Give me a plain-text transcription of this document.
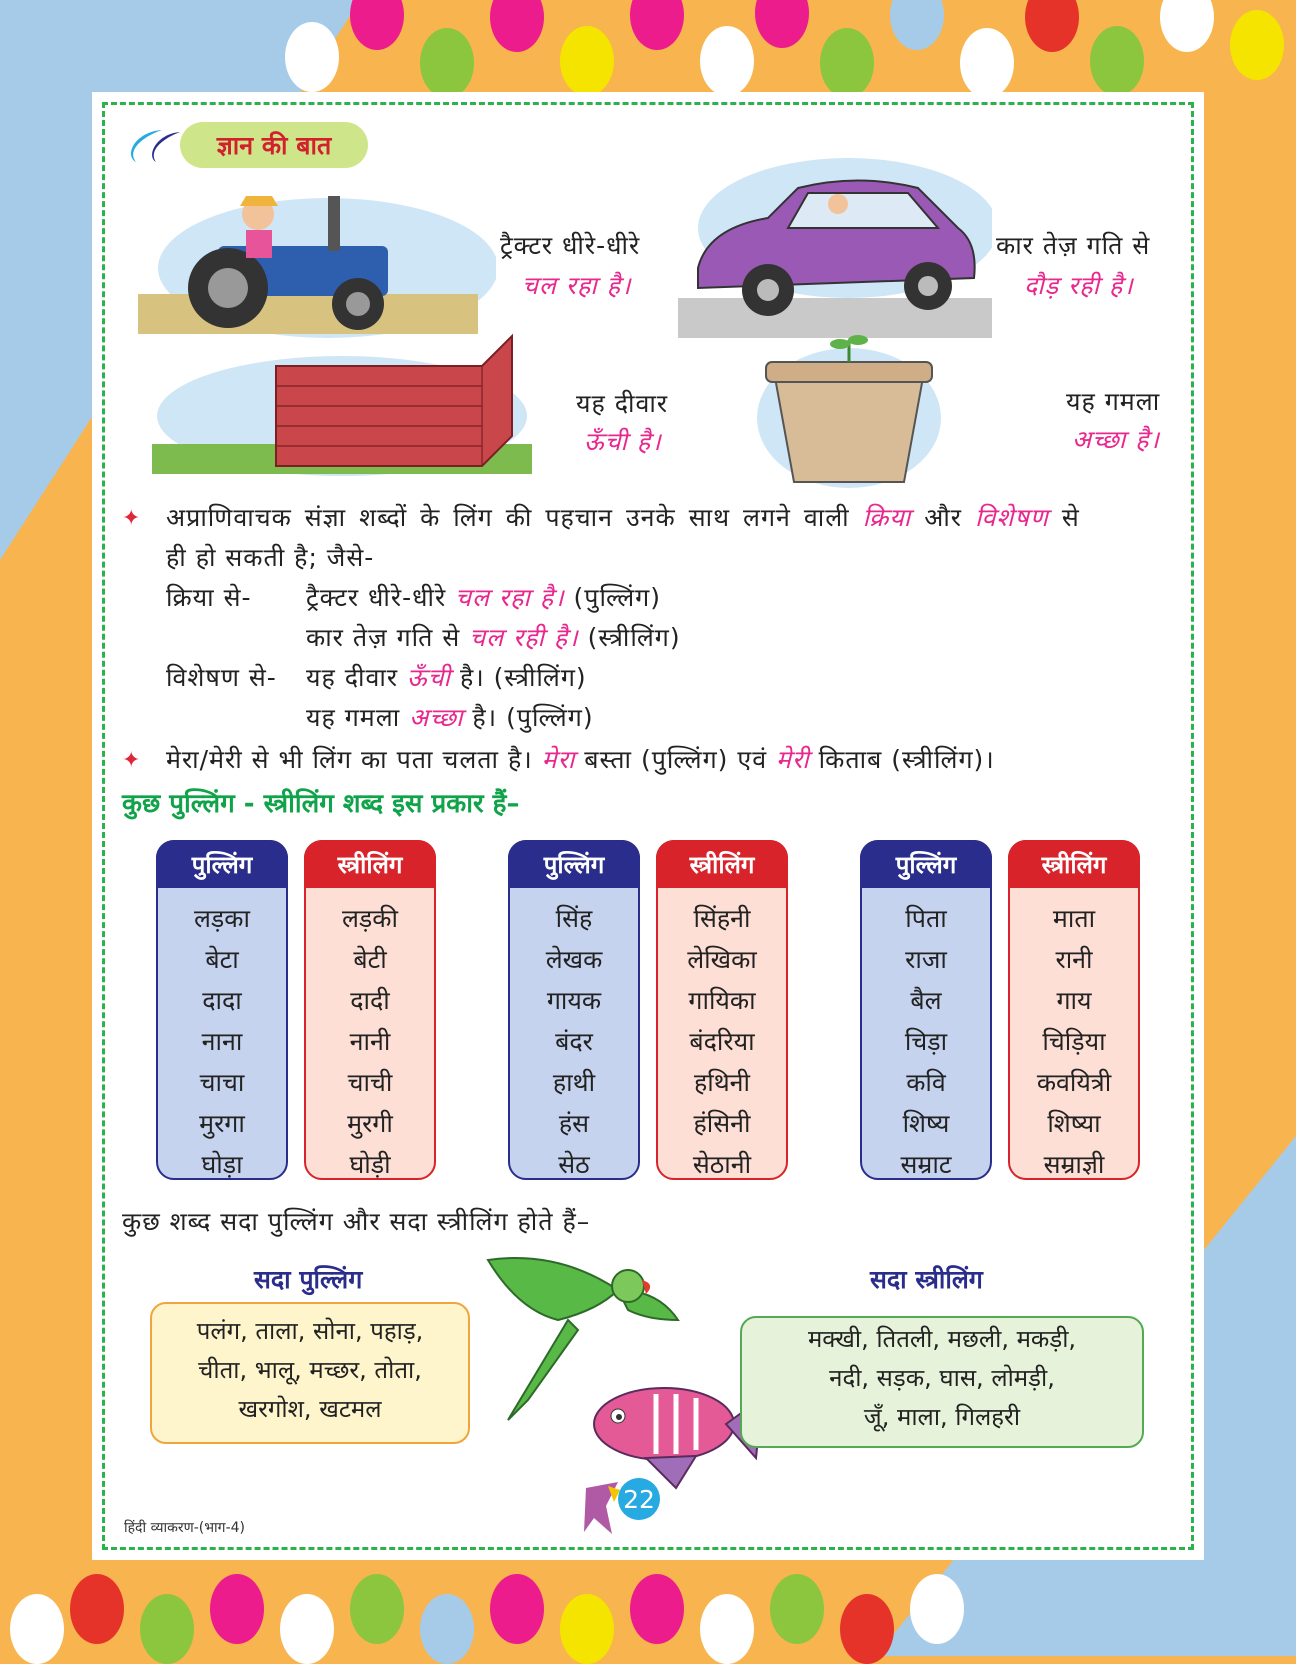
ज्ञान की बात
ट्रैक्टर धीरे-धीरे
चल रहा है।
कार तेज़ गति से
दौड़ रही है।
यह दीवार
ऊँची है।
यह गमला
अच्छा है।
✦ अप्राणिवाचक संज्ञा शब्दों के लिंग की पहचान उनके साथ लगने वाली क्रिया और विशेषण से
ही हो सकती है; जैसे-
क्रिया से- ट्रैक्टर धीरे-धीरे चल रहा है। (पुल्लिंग)
कार तेज़ गति से चल रही है। (स्त्रीलिंग)
विशेषण से- यह दीवार ऊँची है। (स्त्रीलिंग)
यह गमला अच्छा है। (पुल्लिंग)
✦ मेरा/मेरी से भी लिंग का पता चलता है। मेरा बस्ता (पुल्लिंग) एवं मेरी किताब (स्त्रीलिंग)।
कुछ पुल्लिंग - स्त्रीलिंग शब्द इस प्रकार हैं–
पुल्लिंग
लड़का
बेटा
दादा
नाना
चाचा
मुरगा
घोड़ा
स्त्रीलिंग
लड़की
बेटी
दादी
नानी
चाची
मुरगी
घोड़ी
पुल्लिंग
सिंह
लेखक
गायक
बंदर
हाथी
हंस
सेठ
स्त्रीलिंग
सिंहनी
लेखिका
गायिका
बंदरिया
हथिनी
हंसिनी
सेठानी
पुल्लिंग
पिता
राजा
बैल
चिड़ा
कवि
शिष्य
सम्राट
स्त्रीलिंग
माता
रानी
गाय
चिड़िया
कवयित्री
शिष्या
सम्राज्ञी
कुछ शब्द सदा पुल्लिंग और सदा स्त्रीलिंग होते हैं–
सदा पुल्लिंग
पलंग, ताला, सोना, पहाड़,
चीता, भालू, मच्छर, तोता,
खरगोश, खटमल
सदा स्त्रीलिंग
मक्खी, तितली, मछली, मकड़ी,
नदी, सड़क, घास, लोमड़ी,
जूँ, माला, गिलहरी
हिंदी व्याकरण-(भाग-4)
22
